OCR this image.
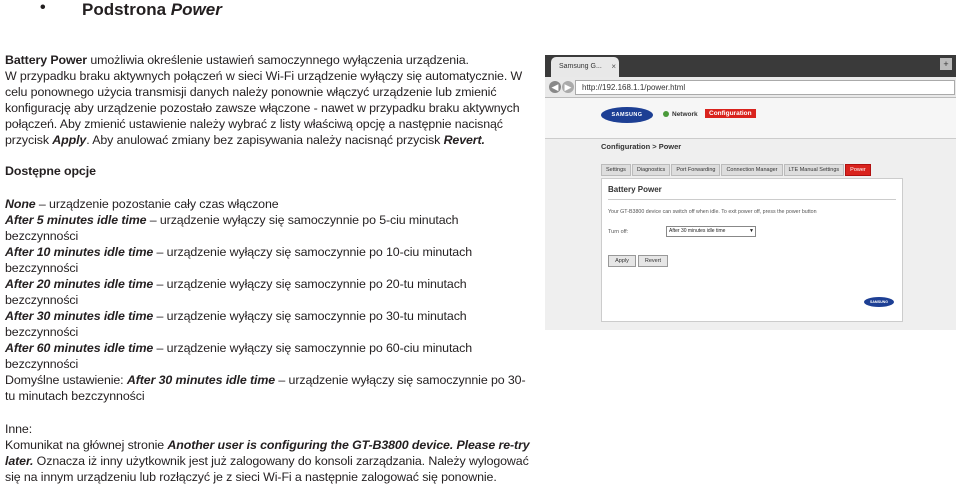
• Podstrona Power

Battery Power umożliwia określenie ustawień samoczynnego wyłączenia urządzenia.

W przypadku braku aktywnych połączeń w sieci Wi-Fi urządzenie wyłączy się automatycznie. W celu ponownego użycia transmisji danych należy ponownie włączyć urządzenie lub zmienić konfigurację aby urządzenie pozostało zawsze włączone - nawet w przypadku braku aktywnych połączeń. Aby zmienić ustawienie należy wybrać z listy właściwą opcję a następnie nacisnąć przycisk Apply. Aby anulować zmiany bez zapisywania należy nacisnąć przycisk Revert.

Dostępne opcje

None – urządzenie pozostanie cały czas włączone

After 5 minutes idle time – urządzenie wyłączy się samoczynnie po 5-ciu minutach bezczynności

After 10 minutes idle time – urządzenie wyłączy się samoczynnie po 10-ciu minutach bezczynności

After 20 minutes idle time – urządzenie wyłączy się samoczynnie po 20-tu minutach bezczynności

After 30 minutes idle time – urządzenie wyłączy się samoczynnie po 30-tu minutach bezczynności

After 60 minutes idle time – urządzenie wyłączy się samoczynnie po 60-ciu minutach bezczynności

Domyślne ustawienie: After 30 minutes idle time – urządzenie wyłączy się samoczynnie po 30-tu minutach bezczynności

Inne:

Komunikat na głównej stronie Another user is configuring the GT-B3800 device. Please re-try later. Oznacza iż inny użytkownik jest już zalogowany do konsoli zarządzania. Należy wylogować się na innym urządzeniu lub rozłączyć je z sieci Wi-Fi a następnie zalogować się ponownie.

Samsung G... ×	+
◀ ▶	http://192.168.1.1/power.html
SAMSUNG	Network	Configuration
Configuration > Power
Settings Diagnostics Port Forwarding Connection Manager LTE Manual Settings Power
Battery Power
Your GT-B3800 device can switch off when idle. To exit power off, press the power button
Turn off:	After 30 minutes idle time	▼
Apply	Revert
SAMSUNG
